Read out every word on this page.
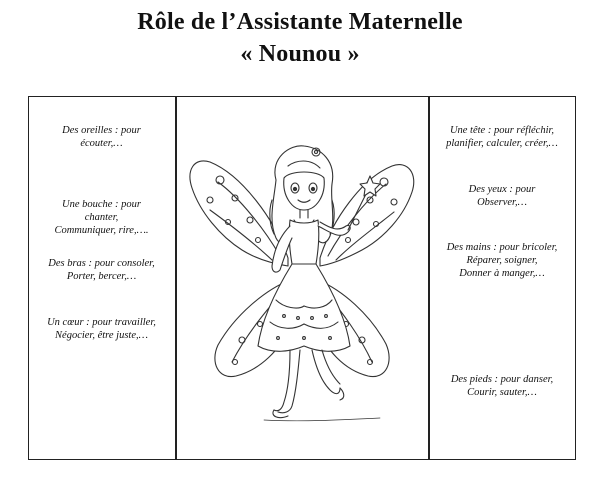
Rôle de l’Assistante Maternelle
« Nounou »
Des oreilles : pour
écouter,…
Une bouche : pour
chanter,
Communiquer, rire,….
Des bras : pour consoler,
Porter, bercer,…
Un cœur : pour travailler,
Négocier, être juste,…
Une tête : pour réfléchir,
planifier, calculer, créer,…
Des yeux : pour
Observer,…
Des mains : pour bricoler,
Réparer, soigner,
Donner à manger,…
Des pieds : pour danser,
Courir, sauter,…
